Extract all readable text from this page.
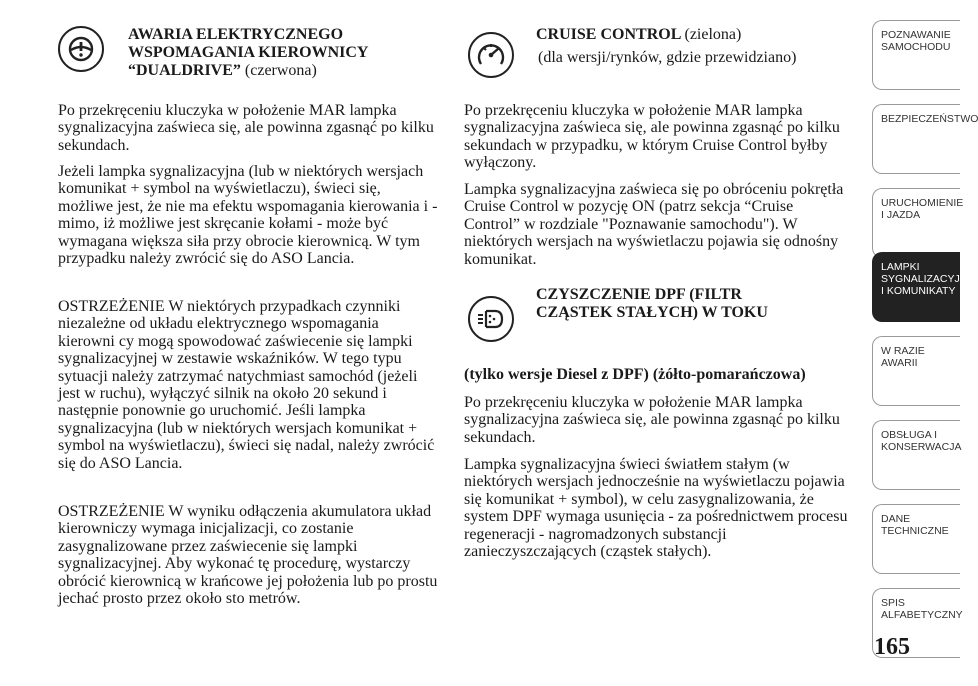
AWARIA ELEKTRYCZNEGO WSPOMAGANIA KIEROWNICY “DUALDRIVE” (czerwona)

Po przekręceniu kluczyka w położenie MAR lampka sygnalizacyjna zaświeca się, ale powinna zgasnąć po kilku sekundach.

Jeżeli lampka sygnalizacyjna (lub w niektórych wersjach komunikat + symbol na wyświetlaczu), świeci się, możliwe jest, że nie ma efektu wspomagania kierowania i - mimo, iż możliwe jest skręcanie kołami - może być wymagana większa siła przy obrocie kierownicą. W tym przypadku należy zwrócić się do ASO Lancia.

OSTRZEŻENIE W niektórych przypadkach czynniki niezależne od układu elektrycznego wspomagania kierowni cy mogą spowodować zaświecenie się lampki sygnalizacyjnej w zestawie wskaźników. W tego typu sytuacji należy zatrzymać natychmiast samochód (jeżeli jest w ruchu), wyłączyć silnik na około 20 sekund i następnie ponownie go uruchomić. Jeśli lampka sygnalizacyjna (lub w niektórych wersjach komunikat + symbol na wyświetlaczu), świeci się nadal, należy zwrócić się do ASO Lancia.

OSTRZEŻENIE W wyniku odłączenia akumulatora układ kierowniczy wymaga inicjalizacji, co zostanie zasygnalizowane przez zaświecenie się lampki sygnalizacyjnej. Aby wykonać tę procedurę, wystarczy obrócić kierownicą w krańcowe jej położenia lub po prostu jechać prosto przez około sto metrów.

CRUISE CONTROL (zielona)

(dla wersji/rynków, gdzie przewidziano)

Po przekręceniu kluczyka w położenie MAR lampka sygnalizacyjna zaświeca się, ale powinna zgasnąć po kilku sekundach w przypadku, w którym Cruise Control byłby wyłączony.

Lampka sygnalizacyjna zaświeca się po obróceniu pokrętła Cruise Control w pozycję ON (patrz sekcja “Cruise Control” w rozdziale "Poznawanie samochodu"). W niektórych wersjach na wyświetlaczu pojawia się odnośny komunikat.

CZYSZCZENIE DPF (FILTR CZĄSTEK STAŁYCH) W TOKU

(tylko wersje Diesel z DPF) (żółto-pomarańczowa)

Po przekręceniu kluczyka w położenie MAR lampka sygnalizacyjna zaświeca się, ale powinna zgasnąć po kilku sekundach.

Lampka sygnalizacyjna świeci światłem stałym (w niektórych wersjach jednocześnie na wyświetlaczu pojawia się komunikat + symbol), w celu zasygnalizowania, że system DPF wymaga usunięcia - za pośrednictwem procesu regeneracji - nagromadzonych substancji zanieczyszczających (cząstek stałych).

POZNAWANIE SAMOCHODU
BEZPIECZEŃSTWO
URUCHOMIENIE I JAZDA
LAMPKI SYGNALIZACYJNE I KOMUNIKATY
W RAZIE AWARII
OBSŁUGA I KONSERWACJA
DANE TECHNICZNE
SPIS ALFABETYCZNY
165
